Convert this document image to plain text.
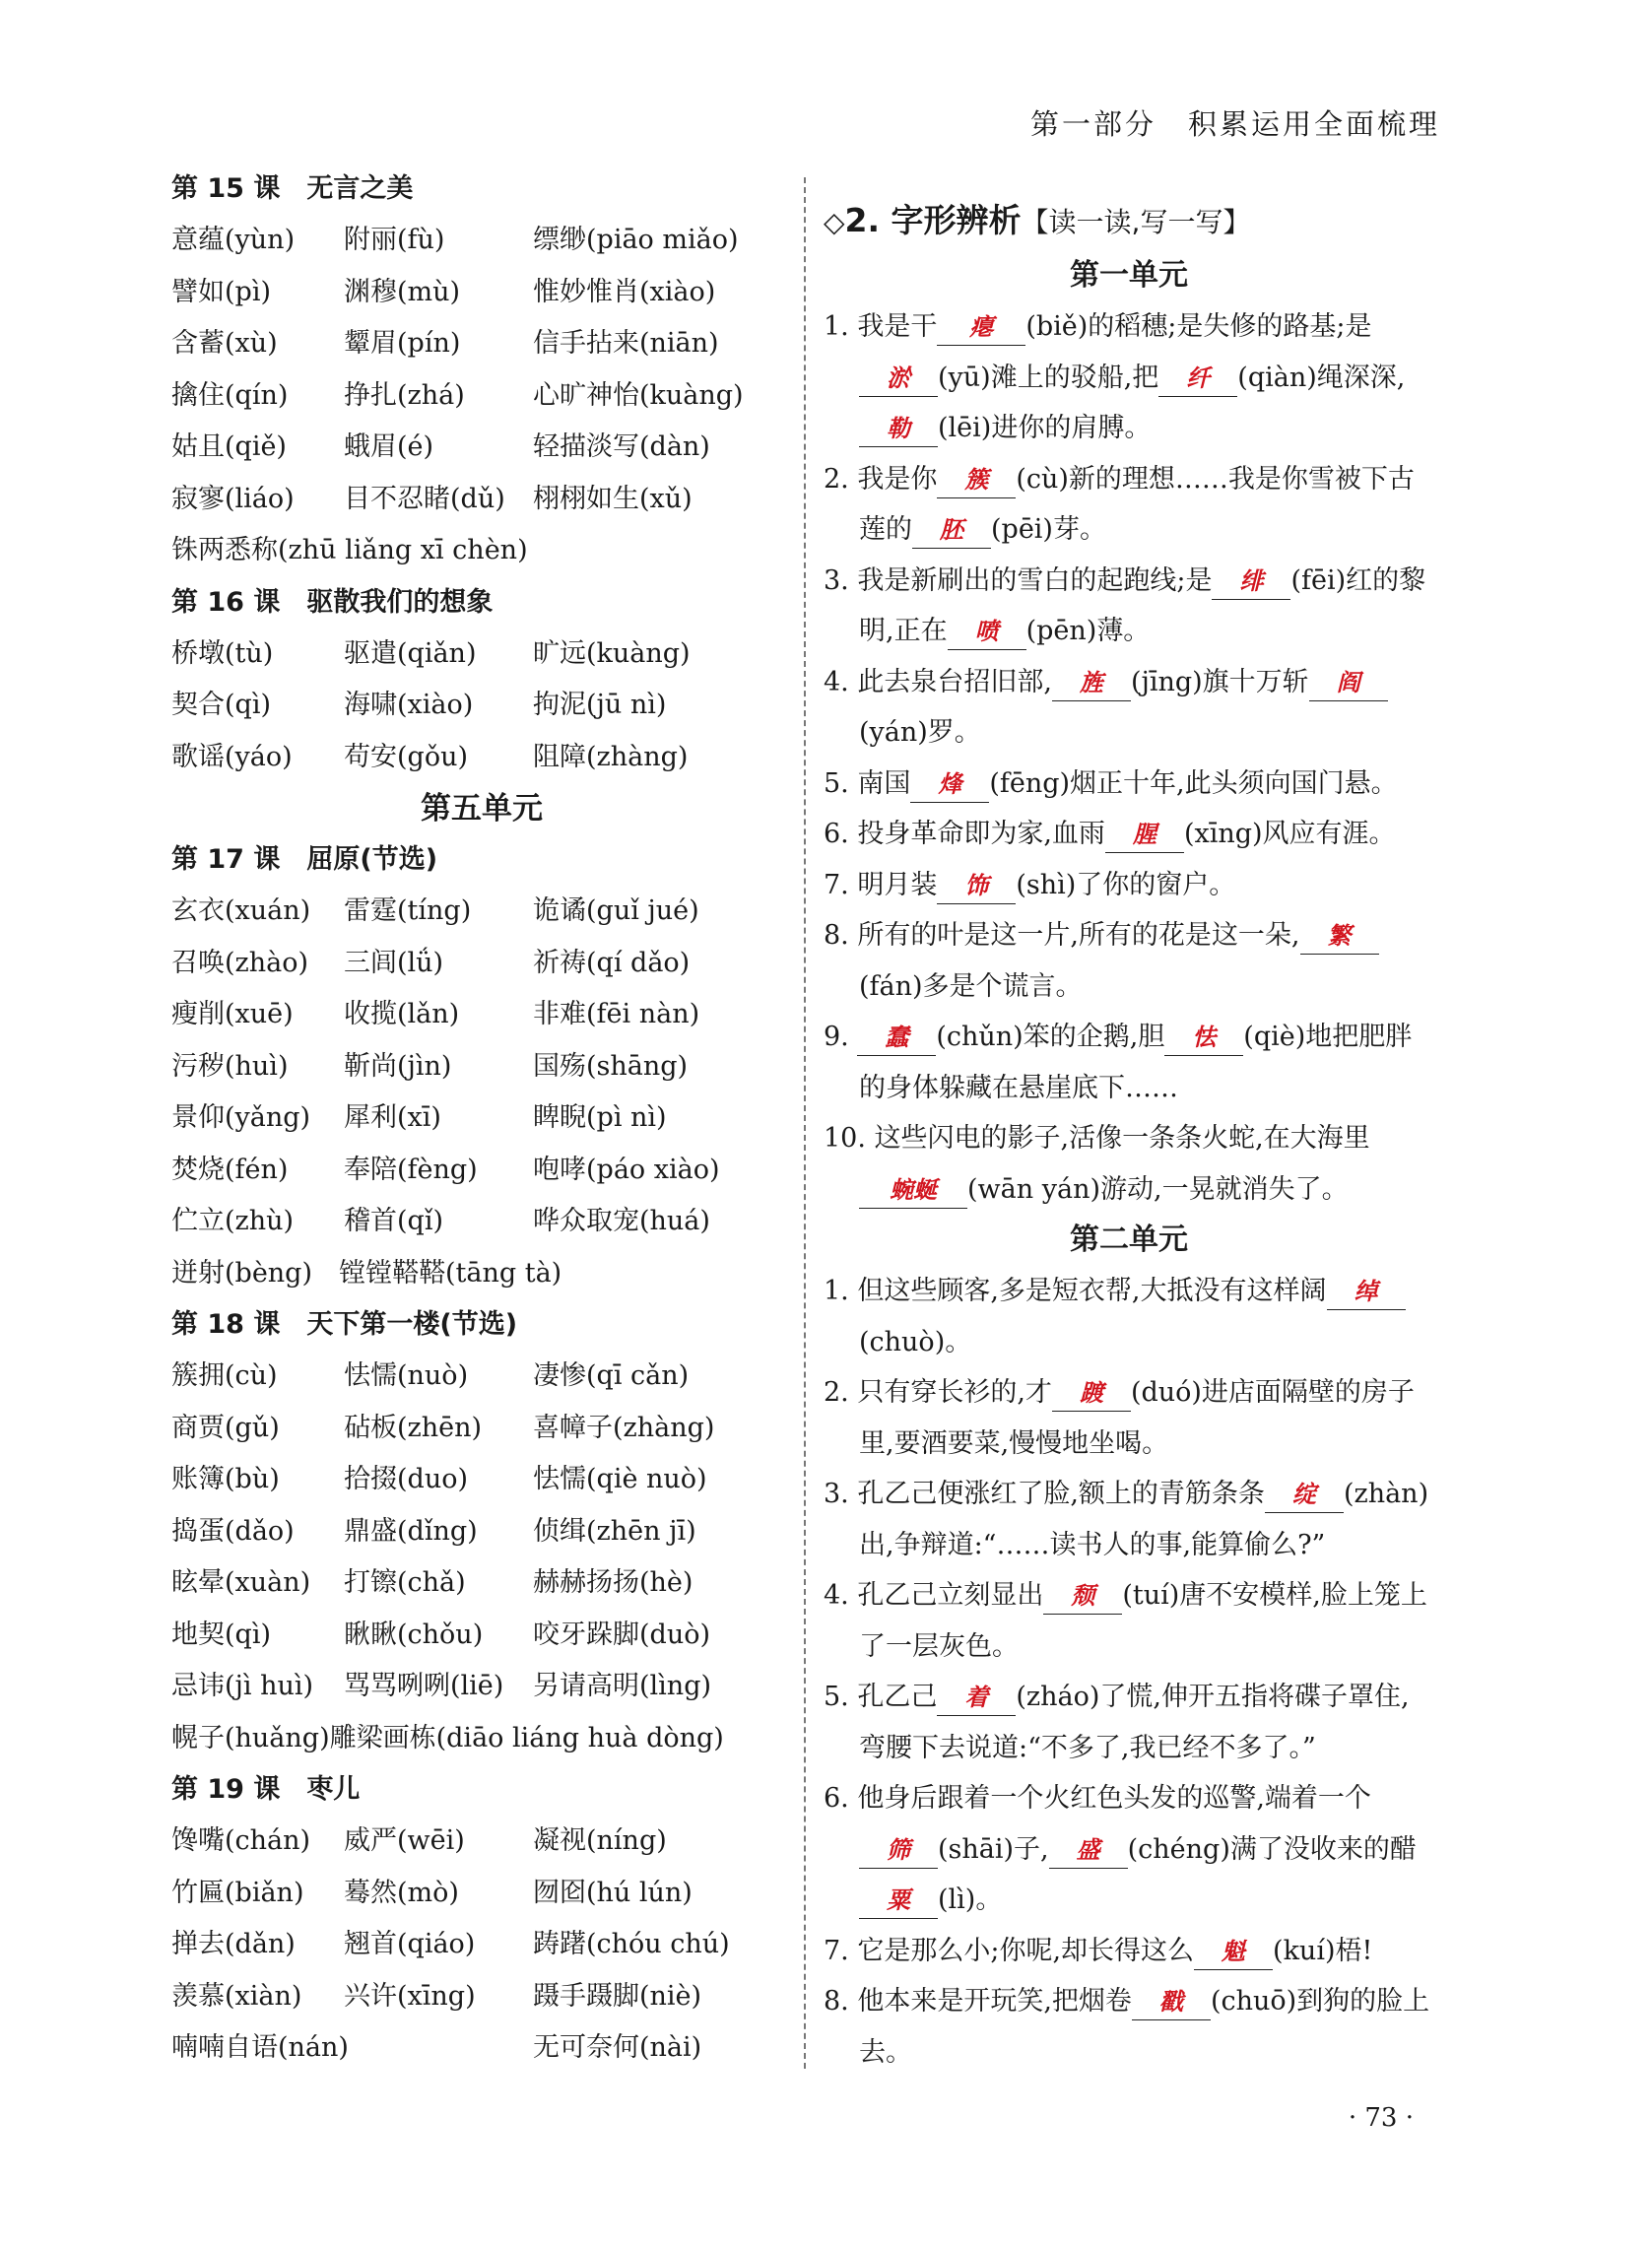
第一部分　积累运用全面梳理
第 15 课　无言之美
意蕴(yùn)	附丽(fù)	缥缈(piāo miǎo)
譬如(pì)	渊穆(mù)	惟妙惟肖(xiào)
含蓄(xù)	颦眉(pín)	信手拈来(niān)
擒住(qín)	挣扎(zhá)	心旷神怡(kuàng)
姑且(qiě)	蛾眉(é)	轻描淡写(dàn)
寂寥(liáo)	目不忍睹(dǔ)	栩栩如生(xǔ)
铢两悉称(zhū liǎng xī chèn)
第 16 课　驱散我们的想象
桥墩(tù)	驱遣(qiǎn)	旷远(kuàng)
契合(qì)	海啸(xiào)	拘泥(jū nì)
歌谣(yáo)	苟安(gǒu)	阻障(zhàng)
第五单元
第 17 课　屈原(节选)
玄衣(xuán)	雷霆(tíng)	诡谲(guǐ jué)
召唤(zhào)	三闾(lǘ)	祈祷(qí dǎo)
瘦削(xuē)	收揽(lǎn)	非难(fēi nàn)
污秽(huì)	靳尚(jìn)	国殇(shāng)
景仰(yǎng)	犀利(xī)	睥睨(pì nì)
焚烧(fén)	奉陪(fèng)	咆哮(páo xiào)
伫立(zhù)	稽首(qǐ)	哗众取宠(huá)
迸射(bèng)　镗镗鞳鞳(tāng tà)
第 18 课　天下第一楼(节选)
簇拥(cù)	怯懦(nuò)	凄惨(qī cǎn)
商贾(gǔ)	砧板(zhēn)	喜幛子(zhàng)
账簿(bù)	拾掇(duo)	怯懦(qiè nuò)
捣蛋(dǎo)	鼎盛(dǐng)	侦缉(zhēn jī)
眩晕(xuàn)	打镲(chǎ)	赫赫扬扬(hè)
地契(qì)	瞅瞅(chǒu)	咬牙跺脚(duò)
忌讳(jì huì)	骂骂咧咧(liē)	另请高明(lìng)
幌子(huǎng)雕梁画栋(diāo liáng huà dòng)
第 19 课　枣儿
馋嘴(chán)	威严(wēi)	凝视(níng)
竹匾(biǎn)	蓦然(mò)	囫囵(hú lún)
掸去(dǎn)	翘首(qiáo)	踌躇(chóu chú)
羡慕(xiàn)	兴许(xīng)	蹑手蹑脚(niè)
喃喃自语(nán)	无可奈何(nài)
◇2. 字形辨析【读一读,写一写】
第一单元

1. 我是干 瘪 (biě)的稻穗;是失修的路基;是淤 (yū)滩上的驳船,把 纤 (qiàn)绳深深,勒 (lēi)进你的肩膊。

2. 我是你 簇 (cù)新的理想……我是你雪被下古莲的 胚 (pēi)芽。

3. 我是新刷出的雪白的起跑线;是 绯 (fēi)红的黎明,正在 喷 (pēn)薄。

4. 此去泉台招旧部, 旌 (jīng)旗十万斩 阎(yán)罗。

5. 南国 烽 (fēng)烟正十年,此头须向国门悬。

6. 投身革命即为家,血雨 腥 (xīng)风应有涯。

7. 明月装 饰 (shì)了你的窗户。

8. 所有的叶是这一片,所有的花是这一朵, 繁(fán)多是个谎言。

9. 蠢 (chǔn)笨的企鹅,胆 怯 (qiè)地把肥胖的身体躲藏在悬崖底下……

10. 这些闪电的影子,活像一条条火蛇,在大海里蜿蜒 (wān yán)游动,一晃就消失了。

第二单元

1. 但这些顾客,多是短衣帮,大抵没有这样阔 绰(chuò)。

2. 只有穿长衫的,才 踱 (duó)进店面隔壁的房子里,要酒要菜,慢慢地坐喝。

3. 孔乙己便涨红了脸,额上的青筋条条 绽 (zhàn)出,争辩道:“……读书人的事,能算偷么?”

4. 孔乙己立刻显出 颓 (tuí)唐不安模样,脸上笼上了一层灰色。

5. 孔乙己 着 (zháo)了慌,伸开五指将碟子罩住,弯腰下去说道:“不多了,我已经不多了。”

6. 他身后跟着一个火红色头发的巡警,端着一个筛 (shāi)子, 盛 (chéng)满了没收来的醋粟 (lì)。

7. 它是那么小;你呢,却长得这么 魁 (kuí)梧!

8. 他本来是开玩笑,把烟卷 戳 (chuō)到狗的脸上去。

· 73 ·
